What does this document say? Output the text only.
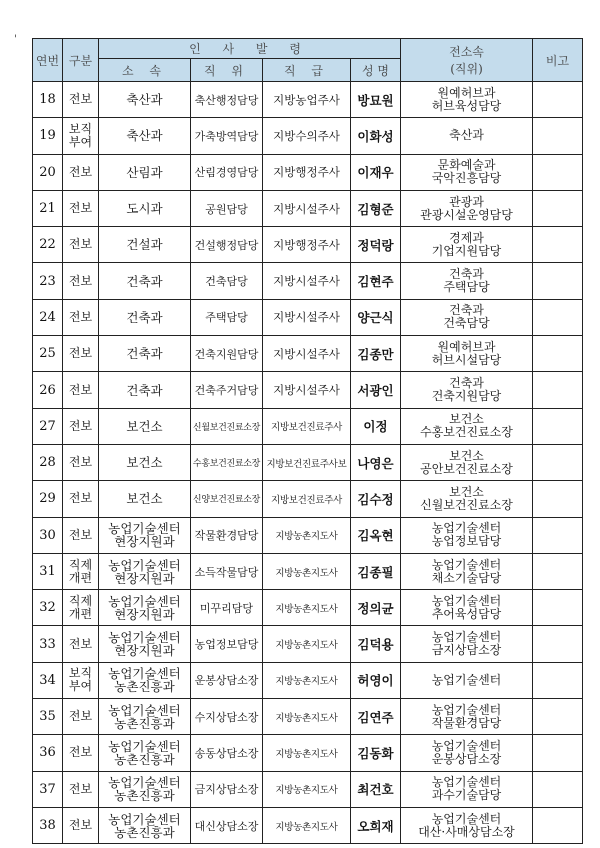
'
연번	구분	인 사 발 령				전소속
(직위)	비고
		소 속	직 위	직 급	성 명		
18	전보	축산과	축산행정담당	지방농업주사	방묘원	원예허브과
허브육성담당	

19	보직
부여	축산과	가축방역담당	지방수의주사	이화성	축산과	

20	전보	산림과	산림경영담당	지방행정주사	이재우	문화예술과
국악진흥담당	

21	전보	도시과	공원담당	지방시설주사	김형준	관광과
관광시설운영담당	

22	전보	건설과	건설행정담당	지방행정주사	정덕랑	경제과
기업지원담당	

23	전보	건축과	건축담당	지방시설주사	김현주	건축과
주택담당	

24	전보	건축과	주택담당	지방시설주사	양근식	건축과
건축담당	

25	전보	건축과	건축지원담당	지방시설주사	김종만	원예허브과
허브시설담당	

26	전보	건축과	건축주거담당	지방시설주사	서광인	건축과
건축지원담당	

27	전보	보건소	신월보건진료소장	지방보건진료주사	이정	보건소
수홍보건진료소장	

28	전보	보건소	수홍보건진료소장	지방보건진료주사보	나영은	보건소
공안보건진료소장	

29	전보	보건소	신양보건진료소장	지방보건진료주사	김수정	보건소
신월보건진료소장	

30	전보	농업기술센터
현장지원과	작물환경담당	지방농촌지도사	김옥현	농업기술센터
농업정보담당	

31	직제
개편	농업기술센터
현장지원과	소득작물담당	지방농촌지도사	김종필	농업기술센터
채소기술담당	

32	직제
개편	농업기술센터
현장지원과	미꾸리담당	지방농촌지도사	정의균	농업기술센터
추어육성담당	

33	전보	농업기술센터
현장지원과	농업정보담당	지방농촌지도사	김덕용	농업기술센터
금지상담소장	

34	보직
부여	농업기술센터
농촌진흥과	운봉상담소장	지방농촌지도사	허영이	농업기술센터	

35	전보	농업기술센터
농촌진흥과	수지상담소장	지방농촌지도사	김연주	농업기술센터
작물환경담당	

36	전보	농업기술센터
농촌진흥과	송동상담소장	지방농촌지도사	김동화	농업기술센터
운봉상담소장	

37	전보	농업기술센터
농촌진흥과	금지상담소장	지방농촌지도사	최건호	농업기술센터
과수기술담당	

38	전보	농업기술센터
농촌진흥과	대신상담소장	지방농촌지도사	오희재	농업기술센터
대산·사매상담소장	
